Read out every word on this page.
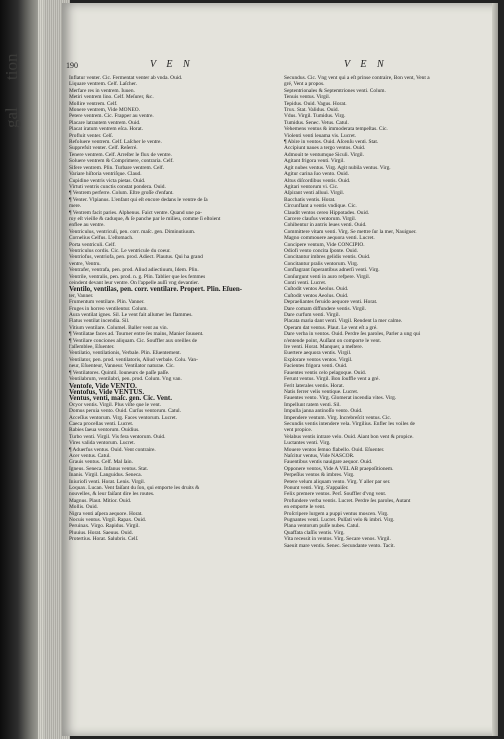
tion
gal
190	V E N	V E N
Inflatur venter. Cic. Fermentat venter ab vnda. Ouid.
Liquare ventrem. Celf. Laſcher.
Merfare res in ventrem. Iuuen.
Metiri ventrem lino. Celf. Meſurer, &c.
Mollire ventrem. Celf.
Monere ventrem, Vide MONEO.
Petere ventrem. Cic. Frapper au ventre.
Placare latrantem ventrem. Ouid.
Placat iratum ventrem eſca. Horat.
Profluit venter. Celſ.
Refoluere ventrem. Celf. Laſcher le ventre.
Supprefsit venter. Celf. Reſerré.
Tenere ventrem. Celf. Arreſter le flux de ventre.
Soluere ventrem & Comprimere, contraria. Celf.
Sifere ventrem. Plin. Turbare ventrem. Celf.
Variare hiſtoria ventriſque. Claud.
Cupidine ventris victa pietas. Ouid.
Virtuti ventris cunctis constat pondera. Ouid.
¶ Ventrem perferre. Colum. Eſtre groſſe d'enfant.
¶ Venter. Vlpianus. L'enfant qui eſt encore dedans le ventre de ſa
mere.
¶ Ventrem facit paries. Alphenus. Faict ventre. Quand une pa-
roy eſt vieille & caduque, & ſe panche par le milieu, comme ſi eſtoient
enflee au ventre.
Ventriculus, ventriculi, pen. corr. maſc. gen. Diminutiuum.
Cornelius Celfus. L'eſtomach.
Porta ventriculi. Celf.
Ventriculus cordis. Cic. Le ventricule du coeur.
Ventriofus, ventriofa, pen. prod. Adiect. Plautus. Qui ha grand
ventre, Ventru.
Ventrafer, ventrafa, pen. prod. Aliud adiectiuum, Idem. Plin.
Ventrile, ventralis, pen. prod. n. g. Plin. Tablier que les femmes
ceindent devant leur ventre. On l'appelle auſſi vng devantier.
Ventilo, ventilas, pen. corr. ventilare. Propert. Plin. Eſuen-
ter, Vanner.
Frumentum ventilare. Plin. Vanner.
Fruges in horreo ventilentur. Colum.
Aura ventilat ignes. Sil. Le vent fait allumer les flammes.
Flatus ventilat incendia. Sil.
Vitium ventilare. Columel. Baller vent au vin.
¶ Ventilatae faces ad. Tourner entre ſes mains, Manier ſouuent.
¶ Ventilare conciones aliquam. Cic. Souffler aux oreilles de
l'aſſemblee, Eſuenter.
Ventilatio, ventilationis, Verbale. Plin. Eſuentement.
Ventilator, pen. prod. ventilatoris, Aliud verbale. Colu. Van-
neur, Eſuenteur, Vanneur. Ventilator naturae. Cic.
¶ Ventilatores. Quintil. Iouneurs de paſſe paſſe.
Ventilabrum, ventilabri, pen. prod. Colum. Vng van.
Ventofe, Vide VENTO.
Ventofus, Vide VENTUS.
Ventus, venti, maſc. gen. Cic. Vent.
Ocyor ventis. Virgil. Plus viſte que le vent.
Domus peruia vento. Ouid. Curſus ventorum. Catul.
Acceſſus ventorum. Virg. Faces ventorum. Lucret.
Caeca procellas venti. Lucret.
Rabies ſaeua ventorum. Ouidius.
Turbo venti. Virgil. Vis fera ventorum. Ouid.
Vires valida ventorum. Lucret.
¶ Aduerfus ventus. Ouid. Vent contraire.
Acer ventus. Catul.
Grauis ventus. Celf. Mal ſain.
Igneus. Seneca. Infanus ventus. Stat.
Inanis. Virgil. Languidus. Seneca.
Iniuriofi venti. Horat. Lenis. Virgil.
Loquax. Lucan. Vent faiſant du ſon, qui emporte les druits &
nouvelles, & leur faiſant dire les routes.
Magnus. Plaut. Mitior. Ouid.
Mollis. Ouid.
Nigra venti aſpera aequore. Horat.
Nocuis ventus. Virgil. Rapax. Ouid.
Peruinax. Virgo. Rapidus. Virgil.
Pluuius. Horat. Saeuus. Ouid.
Protertius. Horat. Salubris. Celſ.
Secundus. Cic. Vng vent qui a eſt prinse contraire, Bon vent, Vent a
gré, Vent a propos.
Septentrionales & Septemtriones venti. Colum.
Tenuis ventus. Virgil.
Tepidus. Ouid. Vagus. Horat.
Trux. Stat. Validus. Ouid.
Vdus. Virgil. Tumidus. Virg.
Tumidus. Senec. Vetus. Catul.
Vehemens ventus & immoderata tempeſtas. Cic.
Violenti venti leuama vis. Lucret.
¶ Abire in ventos. Ouid. Aſcenſu venti. Stat.
Accipiunt naues a tergo ventos. Ouid.
Admouit te ventumque Siculi. Virgil.
Agitant frigora venti. Virgil.
Agit nubes ventus. Virg. Agit nubila ventus. Virg.
Agitur carina ſuo vento. Ouid.
Altus diſcordibus ventis. Ouid.
Agitari ventorum vi. Cic.
Aſpirant venti alluui. Virgil.
Bacchatis ventis. Horat.
Circunflant a ventis vndique. Cic.
Claudit ventos cereo Hippotades. Ouid.
Carcere claufus ventorum. Virgil.
Cohibentur in antris leues venti. Ouid.
Committere vitam venti. Virg. Se mettre ſur la mer, Nauiguer.
Magno commouere aequora venti. Lucret.
Concipere ventum, Vide CONCIPIO.
Odiofi vento concita ſponte. Ouid.
Concitantur imbres gelidis ventis. Ouid.
Concitantur pralis ventorum. Virg.
Conflagrant ſuperantibus adnerſi venti. Virg.
Conſurgunt venti in auro refpere. Virgil.
Conti venti. Lucret.
Cuſtodit ventos Aeolus. Ouid.
Cuſtodit ventos Aeolus. Ouid.
Depraeliantes feruido aequore venti. Horat.
Dare comam diffundere ventis. Virgil.
Dare curfum venti. Virgil.
Placata maria dant venti. Virgil. Rendent la mer calme.
Operam dat ventus. Plaut. Le vent eſt a gré.
Dare verba in ventos. Ouid. Perdre ſes paroles, Parler a ung qui
n'entende point, Auſſant on comporte le vent.
Ire venti. Horat. Manquer, a meſtere.
Euertere aequora ventis. Virgil.
Explorare ventos ventos. Virgil.
Facientes frigora venti. Ouid.
Fauentes ventis celo pelagoque. Ouid.
Ferunt ventus. Virgil. Bon ſouffle vent a gré.
Ferit laterales ventis. Horat.
Natis ferrer velis ventique. Lucret.
Fauentes vento. Virg. Glomerat incendia vites. Virg.
Impellunt ratem venti. Sil.
Impulla janna antinoſſo vento. Ouid.
Impendere ventum. Virg. Increbreſcit ventus. Cic.
Secundis ventis intendere vela. Virgilius. Enfler les voiles de
vent propice.
Velabus ventis intrare velo. Ouid. Aiant bon vent & propice.
Luctantes venti. Virg.
Mouere ventos ſemuo flabello. Ouid. Eſuenter.
Naſcitur ventus, Vide NASCOR.
Fauentibus ventis nauigare aequor. Ouid.
Opponere ventos, Vide A VEL AB praepoſitionem.
Perpeſſus ventos & imbres. Virg.
Petere velum aliquam vento. Virg. Y aller par ser.
Ponunt venti. Virg. S'appaiſer.
Felix premere ventos. Perſ. Souffler d'vng vent.
Profundere verba ventis. Lucret. Perdre ſes paroles, Autant
en emporte le vent.
Proſcripere lurgem a puppi ventus moscen. Virg.
Pugnantes venti. Lucret. Pulſati velo & imbri. Virg.
Plana ventorum pulſe nubes. Catul.
Quaffata claſſis ventis. Virg.
Vita recessit in ventos. Virg. Secare venos. Virgil.
Saeuit mare ventis. Senec. Secundante vento. Tacit.
